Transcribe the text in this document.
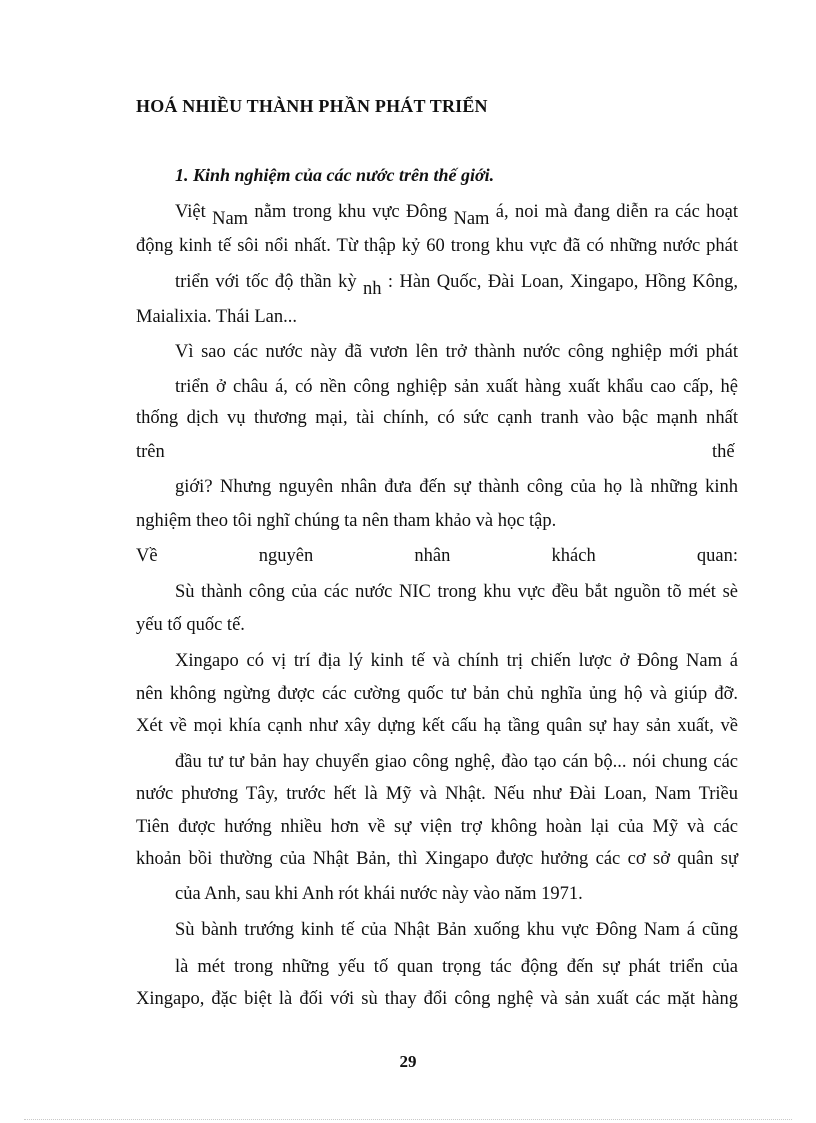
HOÁ NHIỀU THÀNH PHẦN PHÁT TRIỂN
1. Kinh nghiệm của các nước trên thế giới.
Việt Nam nằm trong khu vực Đông Nam á, noi mà đang diễn ra các hoạt
động kinh tế sôi nổi nhất. Từ thập kỷ 60 trong khu vực đã có những nước phát
triển với tốc độ thần kỳ nh : Hàn Quốc, Đài Loan, Xingapo, Hồng Kông,
Maialixia. Thái Lan...
Vì sao các nước này đã vươn lên trở thành nước công nghiệp mới phát
triển ở châu á, có nền công nghiệp sản xuất hàng xuất khẩu cao cấp, hệ
thống dịch vụ thương mại, tài chính, có sức cạnh tranh vào bậc mạnh nhất
trên	thế
giới? Nhưng nguyên nhân đưa đến sự thành công của họ là những kinh
nghiệm theo tôi nghĩ chúng ta nên tham khảo và học tập.
Về	nguyên	nhân	khách	quan:
Sù thành công của các nước NIC trong khu vực đều bắt nguồn tõ mét sè
yếu tố quốc tế.
Xingapo có vị trí địa lý kinh tế và chính trị chiến lược ở Đông Nam á
nên không ngừng được các cường quốc tư bản chủ nghĩa ủng hộ và giúp đỡ.
Xét về mọi khía cạnh như xây dựng kết cấu hạ tầng quân sự hay sản xuất, về
đầu tư tư bản hay chuyển giao công nghệ, đào tạo cán bộ... nói chung các
nước phương Tây, trước hết là Mỹ và Nhật. Nếu như Đài Loan, Nam Triều
Tiên được hướng nhiều hơn về sự viện trợ không hoàn lại của Mỹ và các
khoản bồi thường của Nhật Bản, thì Xingapo được hưởng các cơ sở quân sự
của Anh, sau khi Anh rót khái nước này vào năm 1971.
Sù bành trướng kinh tế của Nhật Bản xuống khu vực Đông Nam á cũng
là mét trong những yếu tố quan trọng tác động đến sự phát triển của
Xingapo, đặc biệt là đối với sù thay đổi công nghệ và sản xuất các mặt hàng
29
